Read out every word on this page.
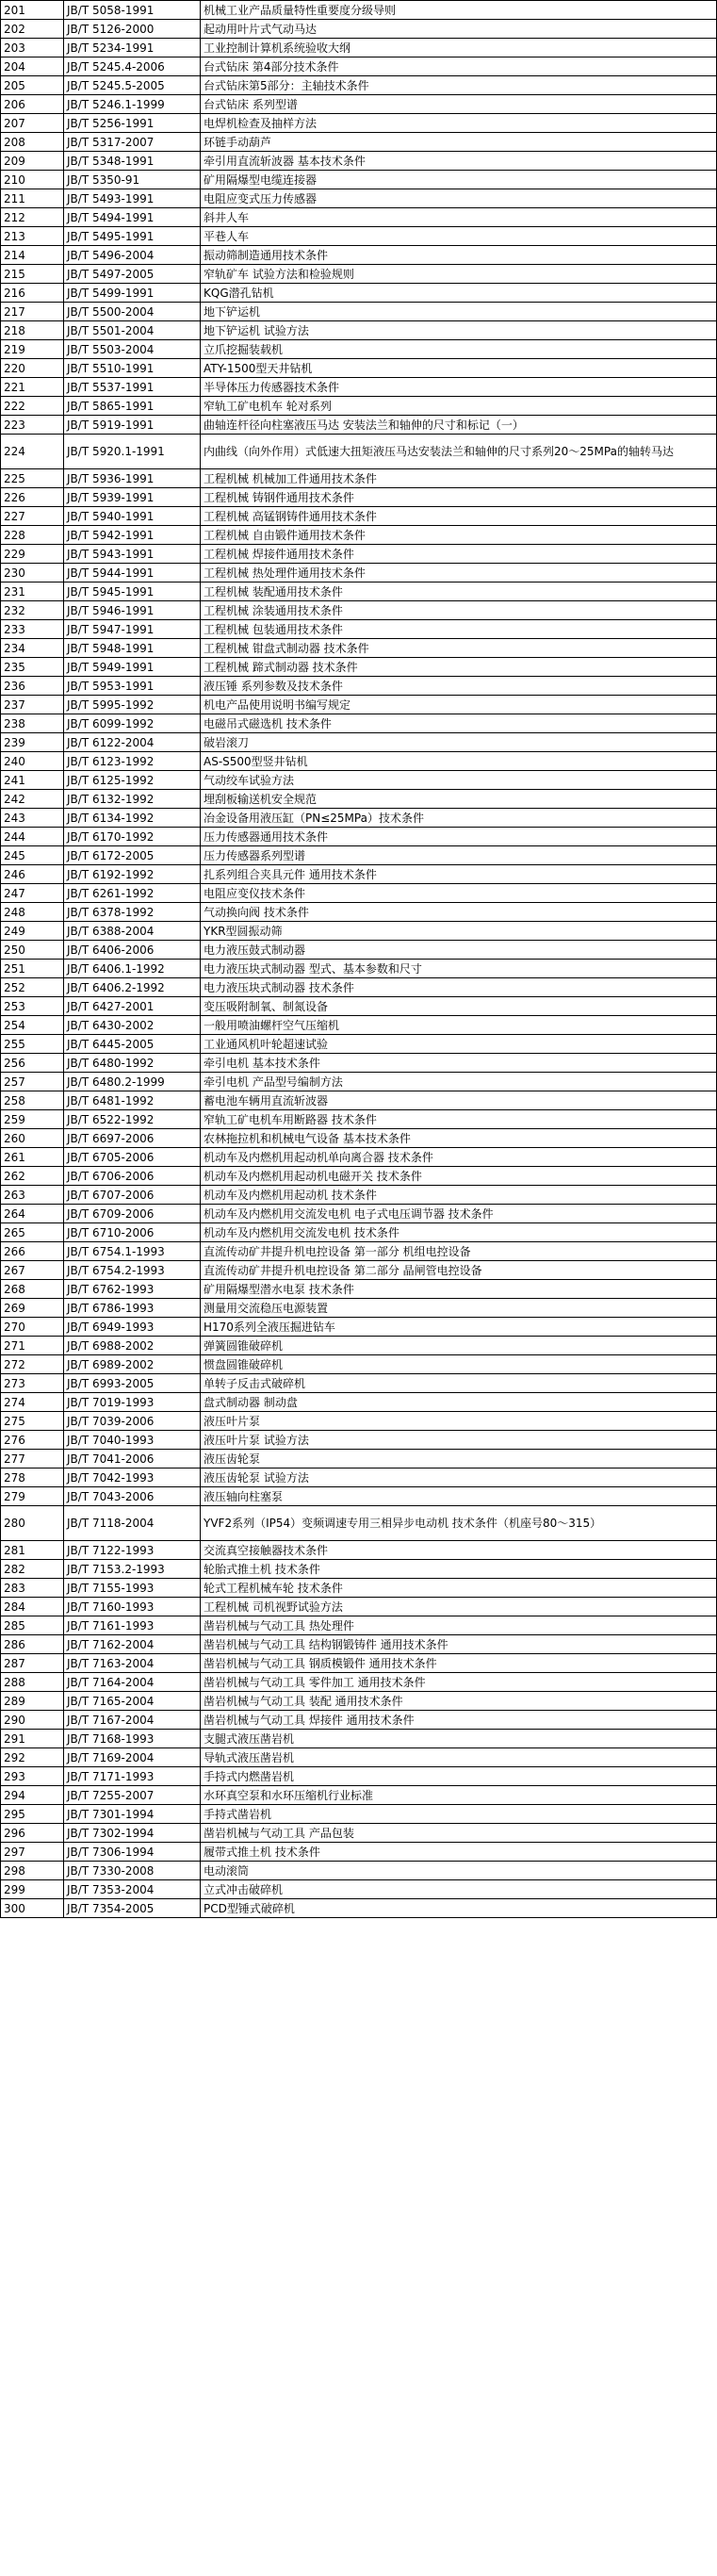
201	JB/T 5058-1991	机械工业产品质量特性重要度分级导则
202	JB/T 5126-2000	起动用叶片式气动马达
203	JB/T 5234-1991	工业控制计算机系统验收大纲
204	JB/T 5245.4-2006	台式钻床 第4部分技术条件
205	JB/T 5245.5-2005	台式钻床第5部分：主轴技术条件
206	JB/T 5246.1-1999	台式钻床 系列型谱
207	JB/T 5256-1991	电焊机检查及抽样方法
208	JB/T 5317-2007	环链手动葫芦
209	JB/T 5348-1991	牵引用直流斩波器 基本技术条件
210	JB/T 5350-91	矿用隔爆型电缆连接器
211	JB/T 5493-1991	电阻应变式压力传感器
212	JB/T 5494-1991	斜井人车
213	JB/T 5495-1991	平巷人车
214	JB/T 5496-2004	振动筛制造通用技术条件
215	JB/T 5497-2005	窄轨矿车 试验方法和检验规则
216	JB/T 5499-1991	KQG潜孔钻机
217	JB/T 5500-2004	地下铲运机
218	JB/T 5501-2004	地下铲运机 试验方法
219	JB/T 5503-2004	立爪挖掘装载机
220	JB/T 5510-1991	ATY-1500型天井钻机
221	JB/T 5537-1991	半导体压力传感器技术条件
222	JB/T 5865-1991	窄轨工矿电机车 轮对系列
223	JB/T 5919-1991	曲轴连杆径向柱塞液压马达 安装法兰和轴伸的尺寸和标记（一）
224	JB/T 5920.1-1991	内曲线（向外作用）式低速大扭矩液压马达安装法兰和轴伸的尺寸系列20～25MPa的轴转马达
225	JB/T 5936-1991	工程机械 机械加工件通用技术条件
226	JB/T 5939-1991	工程机械 铸钢件通用技术条件
227	JB/T 5940-1991	工程机械 高锰钢铸件通用技术条件
228	JB/T 5942-1991	工程机械 自由锻件通用技术条件
229	JB/T 5943-1991	工程机械 焊接件通用技术条件
230	JB/T 5944-1991	工程机械 热处理件通用技术条件
231	JB/T 5945-1991	工程机械 装配通用技术条件
232	JB/T 5946-1991	工程机械 涂装通用技术条件
233	JB/T 5947-1991	工程机械 包装通用技术条件
234	JB/T 5948-1991	工程机械 钳盘式制动器 技术条件
235	JB/T 5949-1991	工程机械 蹄式制动器 技术条件
236	JB/T 5953-1991	液压锤 系列参数及技术条件
237	JB/T 5995-1992	机电产品使用说明书编写规定
238	JB/T 6099-1992	电磁吊式磁选机 技术条件
239	JB/T 6122-2004	破岩滚刀
240	JB/T 6123-1992	AS-S500型竖井钻机
241	JB/T 6125-1992	气动绞车试验方法
242	JB/T 6132-1992	埋刮板输送机安全规范
243	JB/T 6134-1992	冶金设备用液压缸（PN≤25MPa）技术条件
244	JB/T 6170-1992	压力传感器通用技术条件
245	JB/T 6172-2005	压力传感器系列型谱
246	JB/T 6192-1992	扎系列组合夹具元件 通用技术条件
247	JB/T 6261-1992	电阻应变仪技术条件
248	JB/T 6378-1992	气动换向阀 技术条件
249	JB/T 6388-2004	YKR型圆振动筛
250	JB/T 6406-2006	电力液压鼓式制动器
251	JB/T 6406.1-1992	电力液压块式制动器 型式、基本参数和尺寸
252	JB/T 6406.2-1992	电力液压块式制动器 技术条件
253	JB/T 6427-2001	变压吸附制氧、制氮设备
254	JB/T 6430-2002	一般用喷油螺杆空气压缩机
255	JB/T 6445-2005	工业通风机叶轮超速试验
256	JB/T 6480-1992	牵引电机 基本技术条件
257	JB/T 6480.2-1999	牵引电机 产品型号编制方法
258	JB/T 6481-1992	蓄电池车辆用直流斩波器
259	JB/T 6522-1992	窄轨工矿电机车用断路器 技术条件
260	JB/T 6697-2006	农林拖拉机和机械电气设备 基本技术条件
261	JB/T 6705-2006	机动车及内燃机用起动机单向离合器 技术条件
262	JB/T 6706-2006	机动车及内燃机用起动机电磁开关 技术条件
263	JB/T 6707-2006	机动车及内燃机用起动机 技术条件
264	JB/T 6709-2006	机动车及内燃机用交流发电机 电子式电压调节器 技术条件
265	JB/T 6710-2006	机动车及内燃机用交流发电机 技术条件
266	JB/T 6754.1-1993	直流传动矿井提升机电控设备 第一部分 机组电控设备
267	JB/T 6754.2-1993	直流传动矿井提升机电控设备 第二部分 晶闸管电控设备
268	JB/T 6762-1993	矿用隔爆型潜水电泵 技术条件
269	JB/T 6786-1993	测量用交流稳压电源装置
270	JB/T 6949-1993	H170系列全液压掘进钻车
271	JB/T 6988-2002	弹簧圆锥破碎机
272	JB/T 6989-2002	惯盘圆锥破碎机
273	JB/T 6993-2005	单转子反击式破碎机
274	JB/T 7019-1993	盘式制动器 制动盘
275	JB/T 7039-2006	液压叶片泵
276	JB/T 7040-1993	液压叶片泵 试验方法
277	JB/T 7041-2006	液压齿轮泵
278	JB/T 7042-1993	液压齿轮泵 试验方法
279	JB/T 7043-2006	液压轴向柱塞泵
280	JB/T 7118-2004	YVF2系列（IP54）变频调速专用三相异步电动机 技术条件（机座号80～315）
281	JB/T 7122-1993	交流真空接触器技术条件
282	JB/T 7153.2-1993	轮胎式推土机 技术条件
283	JB/T 7155-1993	轮式工程机械车轮 技术条件
284	JB/T 7160-1993	工程机械 司机视野试验方法
285	JB/T 7161-1993	凿岩机械与气动工具 热处理件
286	JB/T 7162-2004	凿岩机械与气动工具 结构钢锻铸件 通用技术条件
287	JB/T 7163-2004	凿岩机械与气动工具 钢质模锻件 通用技术条件
288	JB/T 7164-2004	凿岩机械与气动工具 零件加工 通用技术条件
289	JB/T 7165-2004	凿岩机械与气动工具 装配 通用技术条件
290	JB/T 7167-2004	凿岩机械与气动工具 焊接件 通用技术条件
291	JB/T 7168-1993	支腿式液压凿岩机
292	JB/T 7169-2004	导轨式液压凿岩机
293	JB/T 7171-1993	手持式内燃凿岩机
294	JB/T 7255-2007	水环真空泵和水环压缩机行业标准
295	JB/T 7301-1994	手持式凿岩机
296	JB/T 7302-1994	凿岩机械与气动工具 产品包装
297	JB/T 7306-1994	履带式推土机 技术条件
298	JB/T 7330-2008	电动滚筒
299	JB/T 7353-2004	立式冲击破碎机
300	JB/T 7354-2005	PCD型锤式破碎机
